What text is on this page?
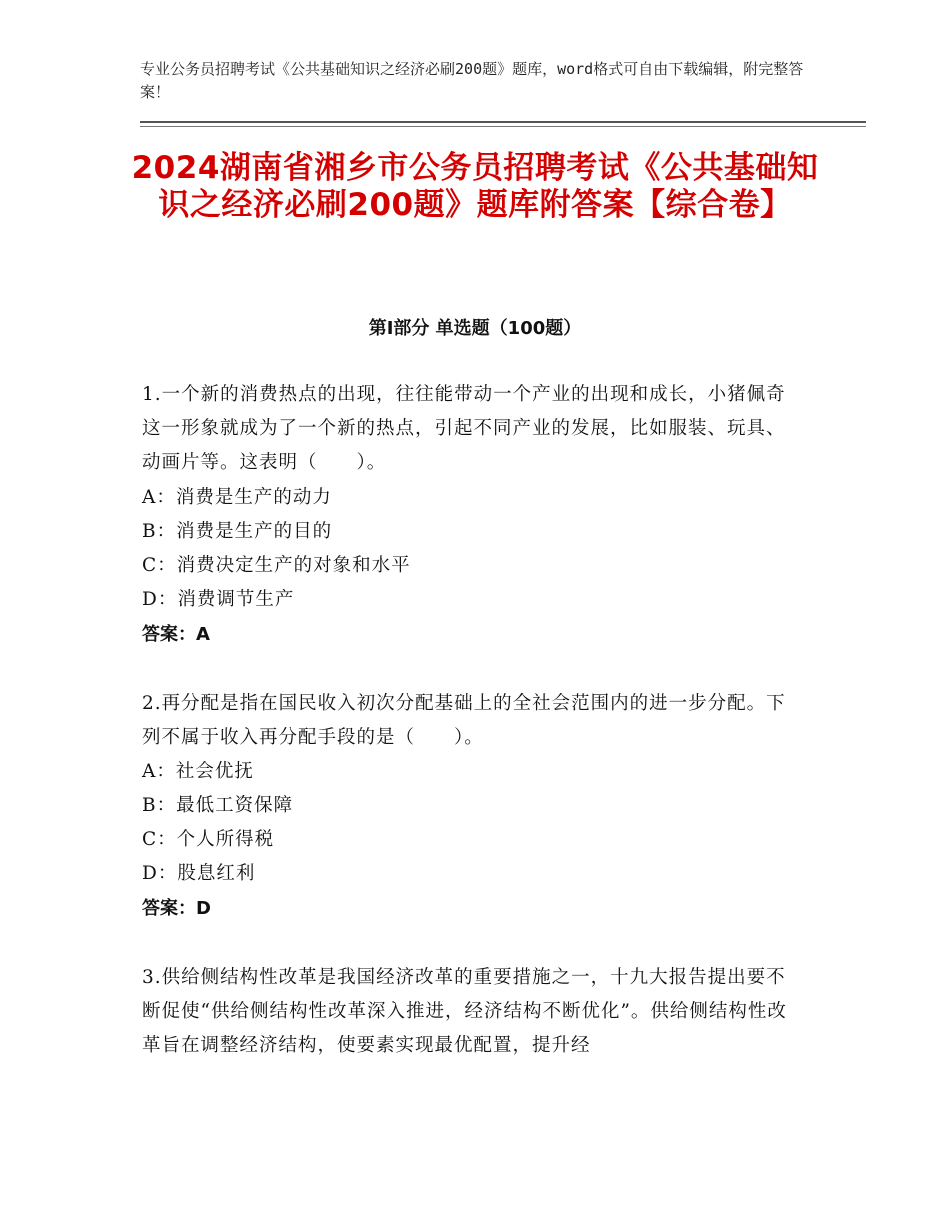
专业公务员招聘考试《公共基础知识之经济必刷200题》题库，word格式可自由下载编辑，附完整答案！
2024湖南省湘乡市公务员招聘考试《公共基础知识之经济必刷200题》题库附答案【综合卷】
第Ⅰ部分 单选题（100题）
1.一个新的消费热点的出现，往往能带动一个产业的出现和成长，小猪佩奇这一形象就成为了一个新的热点，引起不同产业的发展，比如服装、玩具、动画片等。这表明（　　）。
A：消费是生产的动力
B：消费是生产的目的
C：消费决定生产的对象和水平
D：消费调节生产
答案：A
2.再分配是指在国民收入初次分配基础上的全社会范围内的进一步分配。下列不属于收入再分配手段的是（　　）。
A：社会优抚
B：最低工资保障
C：个人所得税
D：股息红利
答案：D
3.供给侧结构性改革是我国经济改革的重要措施之一，十九大报告提出要不断促使“供给侧结构性改革深入推进，经济结构不断优化”。供给侧结构性改革旨在调整经济结构，使要素实现最优配置，提升经
